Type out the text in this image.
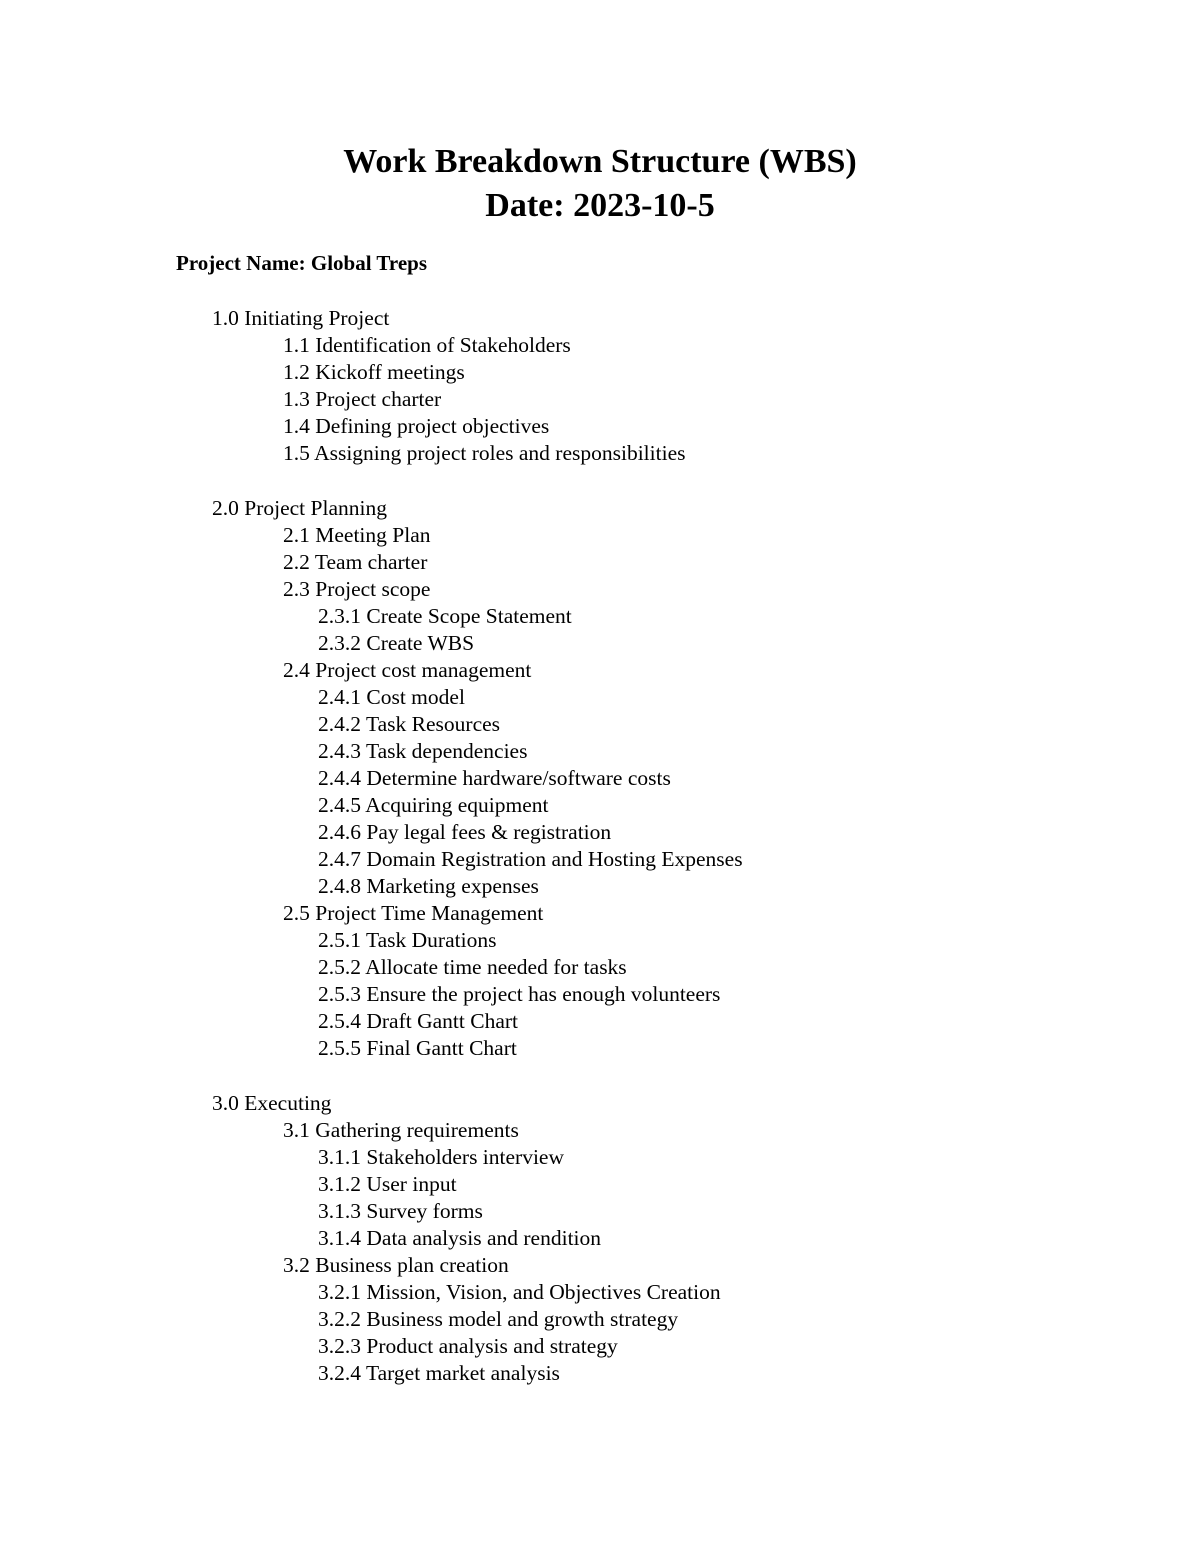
Work Breakdown Structure (WBS)
Date: 2023-10-5

Project Name: Global Treps

1.0 Initiating Project
1.1 Identification of Stakeholders
1.2 Kickoff meetings
1.3 Project charter
1.4 Defining project objectives
1.5 Assigning project roles and responsibilities
2.0 Project Planning
2.1 Meeting Plan
2.2 Team charter
2.3 Project scope
2.3.1 Create Scope Statement
2.3.2 Create WBS
2.4 Project cost management
2.4.1 Cost model
2.4.2 Task Resources
2.4.3 Task dependencies
2.4.4 Determine hardware/software costs
2.4.5 Acquiring equipment
2.4.6 Pay legal fees & registration
2.4.7 Domain Registration and Hosting Expenses
2.4.8 Marketing expenses
2.5 Project Time Management
2.5.1 Task Durations
2.5.2 Allocate time needed for tasks
2.5.3 Ensure the project has enough volunteers
2.5.4 Draft Gantt Chart
2.5.5 Final Gantt Chart
3.0 Executing
3.1 Gathering requirements
3.1.1 Stakeholders interview
3.1.2 User input
3.1.3 Survey forms
3.1.4 Data analysis and rendition
3.2 Business plan creation
3.2.1 Mission, Vision, and Objectives Creation
3.2.2 Business model and growth strategy
3.2.3 Product analysis and strategy
3.2.4 Target market analysis
